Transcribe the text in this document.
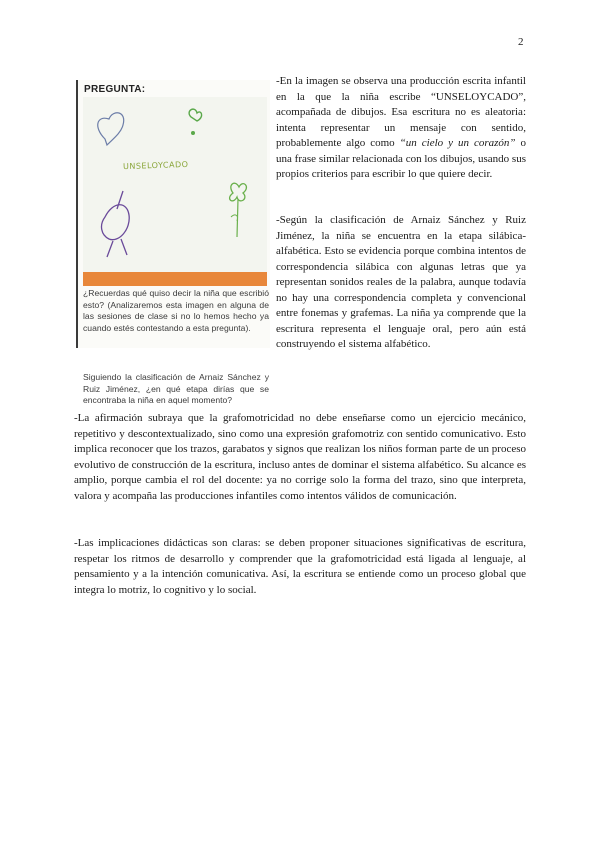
2
PREGUNTA:
UNSELOYCADO
¿Recuerdas qué quiso decir la niña que escribió esto? (Analizaremos esta imagen en alguna de las sesiones de clase si no lo hemos hecho ya cuando estés contestando a esta pregunta).
Siguiendo la clasificación de Arnaiz Sánchez y Ruiz Jiménez, ¿en qué etapa dirías que se encontraba la niña en aquel momento?
-En la imagen se observa una producción escrita infantil en la que la niña escribe “UNSELOYCADO”, acompañada de dibujos. Esa escritura no es aleatoria: intenta representar un mensaje con sentido, probablemente algo como “un cielo y un corazón” o una frase similar relacionada con los dibujos, usando sus propios criterios para escribir lo que quiere decir.
-Según la clasificación de Arnaiz Sánchez y Ruiz Jiménez, la niña se encuentra en la etapa silábica-alfabética. Esto se evidencia porque combina intentos de correspondencia silábica con algunas letras que ya representan sonidos reales de la palabra, aunque todavía no hay una correspondencia completa y convencional entre fonemas y grafemas. La niña ya comprende que la escritura representa el lenguaje oral, pero aún está construyendo el sistema alfabético.
-La afirmación subraya que la grafomotricidad no debe enseñarse como un ejercicio mecánico, repetitivo y descontextualizado, sino como una expresión grafomotriz con sentido comunicativo. Esto implica reconocer que los trazos, garabatos y signos que realizan los niños forman parte de un proceso evolutivo de construcción de la escritura, incluso antes de dominar el sistema alfabético. Su alcance es amplio, porque cambia el rol del docente: ya no corrige solo la forma del trazo, sino que interpreta, valora y acompaña las producciones infantiles como intentos válidos de comunicación.
-Las implicaciones didácticas son claras: se deben proponer situaciones significativas de escritura, respetar los ritmos de desarrollo y comprender que la grafomotricidad está ligada al lenguaje, al pensamiento y a la intención comunicativa. Así, la escritura se entiende como un proceso global que integra lo motriz, lo cognitivo y lo social.
